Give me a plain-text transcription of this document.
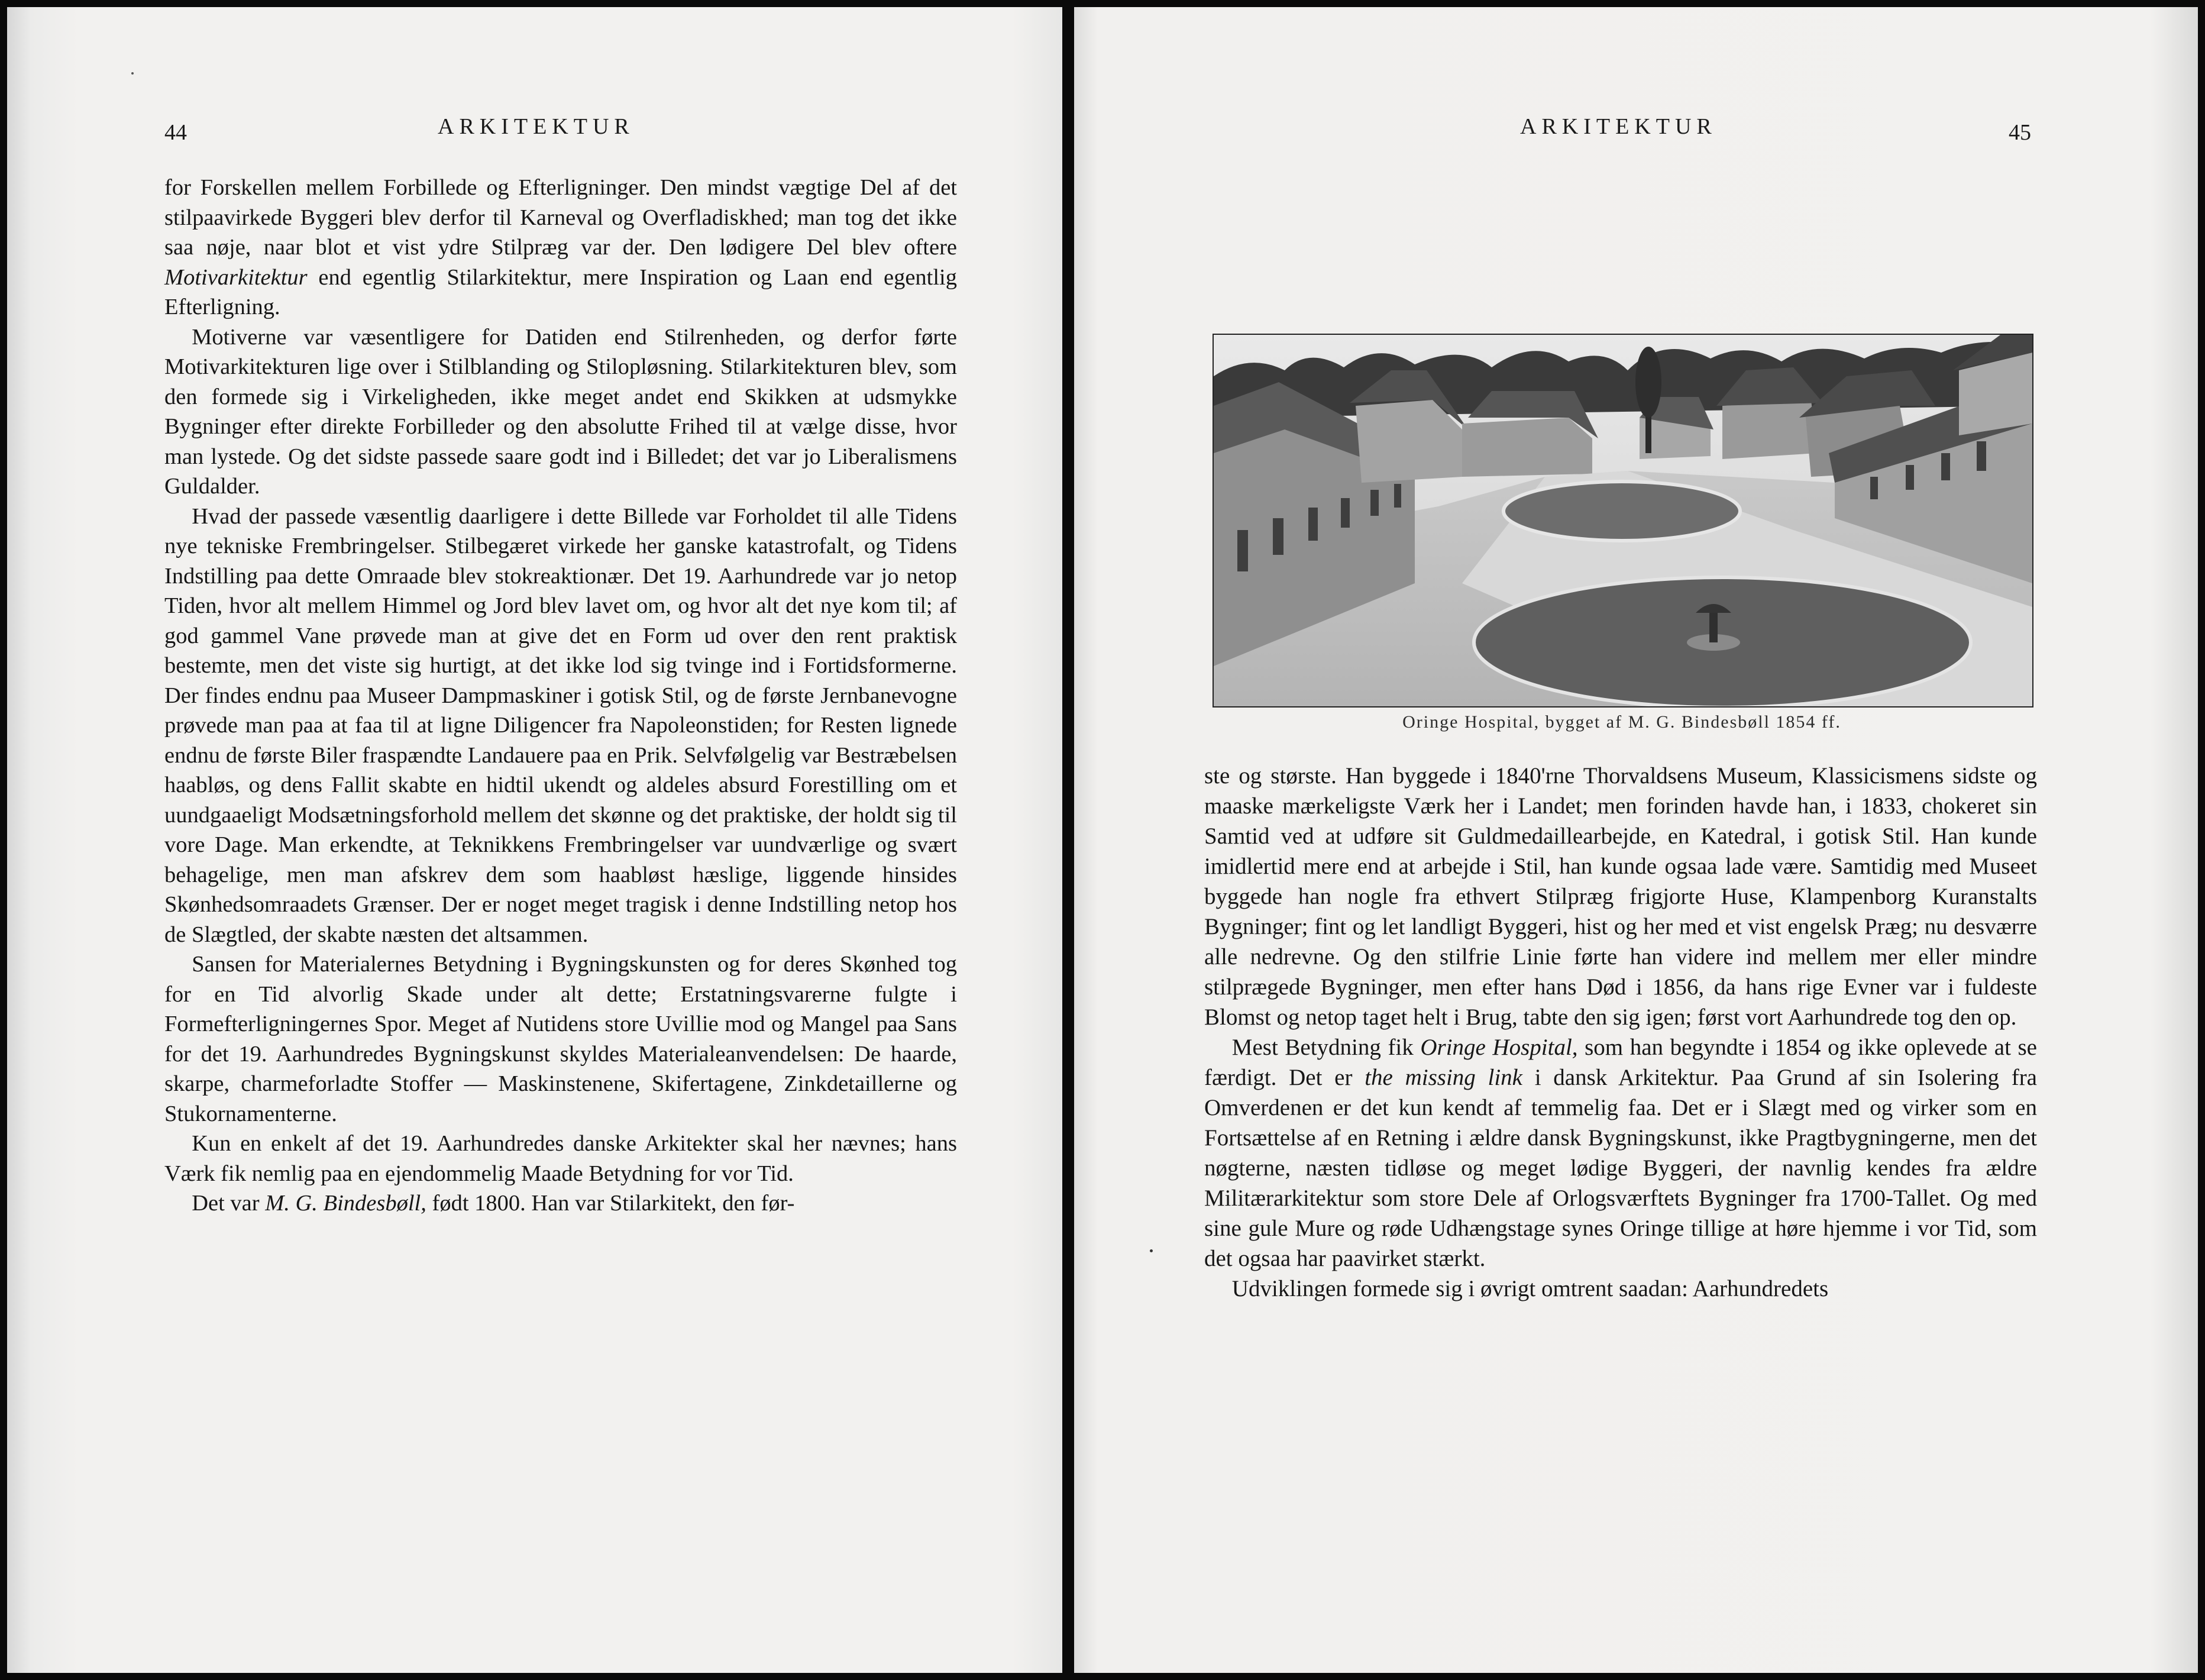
44	ARKITEKTUR

for Forskellen mellem Forbillede og Efterligninger. Den mindst vægtige Del af det stilpaavirkede Byggeri blev derfor til Karneval og Overfladiskhed; man tog det ikke saa nøje, naar blot et vist ydre Stilpræg var der. Den lødigere Del blev oftere Motivarkitektur end egentlig Stilarkitektur, mere Inspiration og Laan end egentlig Efterligning.

Motiverne var væsentligere for Datiden end Stilrenheden, og derfor førte Motivarkitekturen lige over i Stilblanding og Stilopløsning. Stilarkitekturen blev, som den formede sig i Virkeligheden, ikke meget andet end Skikken at udsmykke Bygninger efter direkte Forbilleder og den absolutte Frihed til at vælge disse, hvor man lystede. Og det sidste passede saare godt ind i Billedet; det var jo Liberalismens Guldalder.

Hvad der passede væsentlig daarligere i dette Billede var Forholdet til alle Tidens nye tekniske Frembringelser. Stilbegæret virkede her ganske katastrofalt, og Tidens Indstilling paa dette Omraade blev stokreaktionær. Det 19. Aarhundrede var jo netop Tiden, hvor alt mellem Himmel og Jord blev lavet om, og hvor alt det nye kom til; af god gammel Vane prøvede man at give det en Form ud over den rent praktisk bestemte, men det viste sig hurtigt, at det ikke lod sig tvinge ind i Fortidsformerne. Der findes endnu paa Museer Dampmaskiner i gotisk Stil, og de første Jernbanevogne prøvede man paa at faa til at ligne Diligencer fra Napoleonstiden; for Resten lignede endnu de første Biler fraspændte Landauere paa en Prik. Selvfølgelig var Bestræbelsen haabløs, og dens Fallit skabte en hidtil ukendt og aldeles absurd Forestilling om et uundgaaeligt Modsætningsforhold mellem det skønne og det praktiske, der holdt sig til vore Dage. Man erkendte, at Teknikkens Frembringelser var uundværlige og svært behagelige, men man afskrev dem som haabløst hæslige, liggende hinsides Skønhedsomraadets Grænser. Der er noget meget tragisk i denne Indstilling netop hos de Slægtled, der skabte næsten det altsammen.

Sansen for Materialernes Betydning i Bygningskunsten og for deres Skønhed tog for en Tid alvorlig Skade under alt dette; Erstatningsvarerne fulgte i Formefterligningernes Spor. Meget af Nutidens store Uvillie mod og Mangel paa Sans for det 19. Aarhundredes Bygningskunst skyldes Materialeanvendelsen: De haarde, skarpe, charmeforladte Stoffer — Maskinstenene, Skifertagene, Zinkdetaillerne og Stukornamenterne.

Kun en enkelt af det 19. Aarhundredes danske Arkitekter skal her nævnes; hans Værk fik nemlig paa en ejendommelig Maade Betydning for vor Tid.

Det var M. G. Bindesbøll, født 1800. Han var Stilarkitekt, den før-

ARKITEKTUR	45
Oringe Hospital, bygget af M. G. Bindesbøll 1854 ff.

ste og største. Han byggede i 1840'rne Thorvaldsens Museum, Klassicismens sidste og maaske mærkeligste Værk her i Landet; men forinden havde han, i 1833, chokeret sin Samtid ved at udføre sit Guldmedaillearbejde, en Katedral, i gotisk Stil. Han kunde imidlertid mere end at arbejde i Stil, han kunde ogsaa lade være. Samtidig med Museet byggede han nogle fra ethvert Stilpræg frigjorte Huse, Klampenborg Kuranstalts Bygninger; fint og let landligt Byggeri, hist og her med et vist engelsk Præg; nu desværre alle nedrevne. Og den stilfrie Linie førte han videre ind mellem mer eller mindre stilprægede Bygninger, men efter hans Død i 1856, da hans rige Evner var i fuldeste Blomst og netop taget helt i Brug, tabte den sig igen; først vort Aarhundrede tog den op.

Mest Betydning fik Oringe Hospital, som han begyndte i 1854 og ikke oplevede at se færdigt. Det er the missing link i dansk Arkitektur. Paa Grund af sin Isolering fra Omverdenen er det kun kendt af temmelig faa. Det er i Slægt med og virker som en Fortsættelse af en Retning i ældre dansk Bygningskunst, ikke Pragtbygningerne, men det nøgterne, næsten tidløse og meget lødige Byggeri, der navnlig kendes fra ældre Militærarkitektur som store Dele af Orlogsværftets Bygninger fra 1700-Tallet. Og med sine gule Mure og røde Udhængstage synes Oringe tillige at høre hjemme i vor Tid, som det ogsaa har paavirket stærkt.

Udviklingen formede sig i øvrigt omtrent saadan: Aarhundredets
